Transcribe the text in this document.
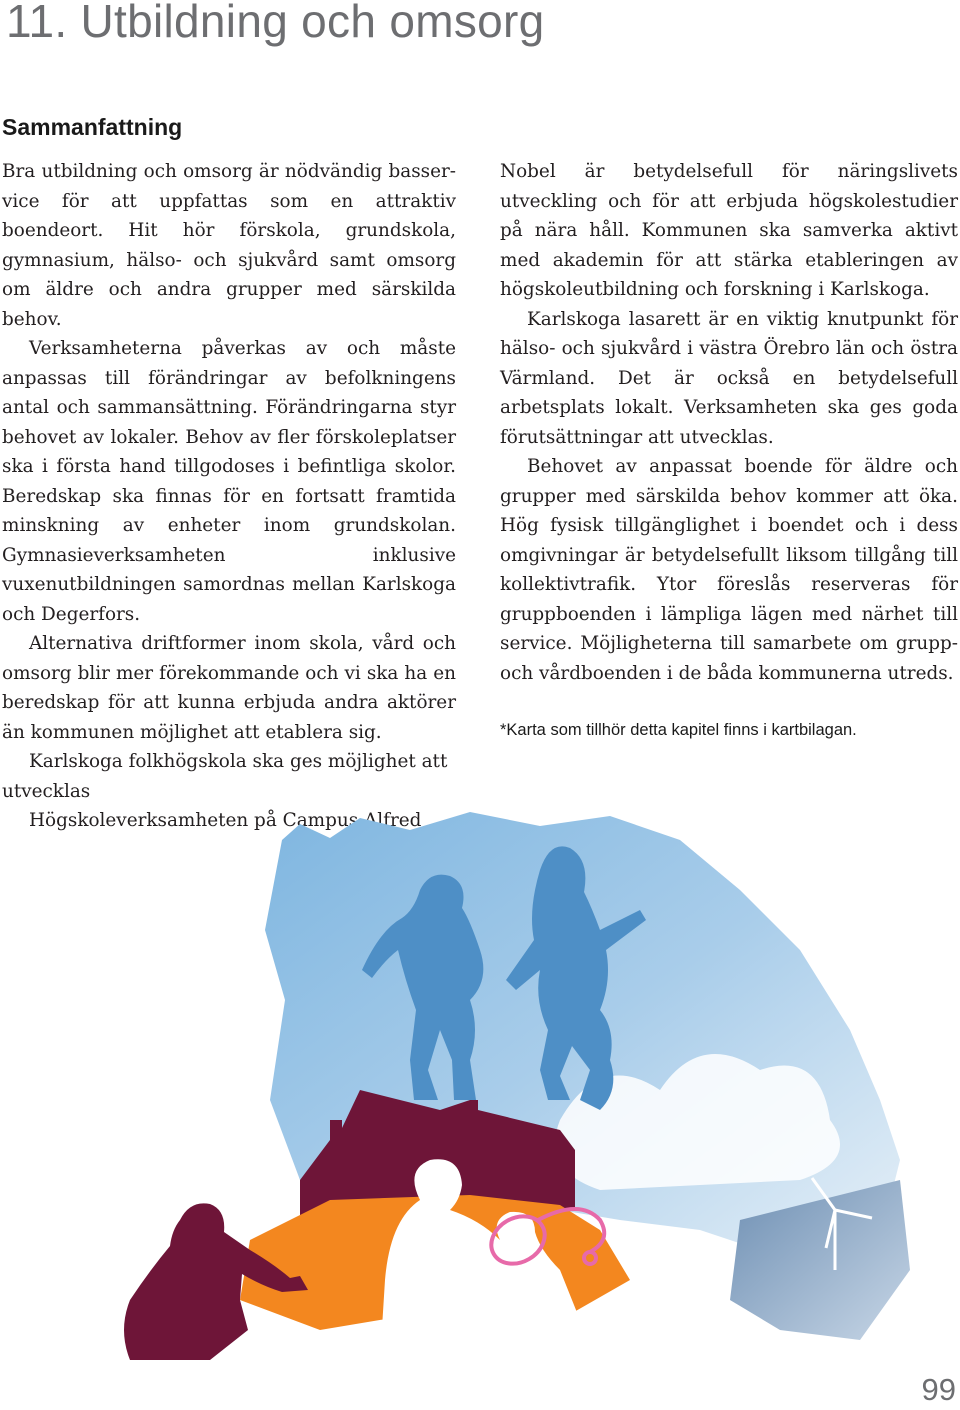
11. Utbildning och omsorg
Sammanfattning

Bra utbildning och omsorg är nödvändig basservice för att uppfattas som en attraktiv boendeort. Hit hör förskola, grundskola, gymnasium, hälso- och sjukvård samt omsorg om äldre och andra grupper med särskilda behov.

Verksamheterna påverkas av och måste anpassas till förändringar av befolkningens antal och sammansättning. Förändringarna styr behovet av lokaler. Behov av fler förskoleplatser ska i första hand tillgodoses i befintliga skolor. Beredskap ska finnas för en fortsatt framtida minskning av enheter inom grundskolan. Gymnasieverksamheten inklusive vuxenutbildningen samordnas mellan Karlskoga och Degerfors.

Alternativa driftformer inom skola, vård och omsorg blir mer förekommande och vi ska ha en beredskap för att kunna erbjuda andra aktörer än kommunen möjlighet att etablera sig.

Karlskoga folkhögskola ska ges möjlighet att utvecklas

Högskoleverksamheten på Campus Alfred

Nobel är betydelsefull för näringslivets utveckling och för att erbjuda högskolestudier på nära håll. Kommunen ska samverka aktivt med akademin för att stärka etableringen av högskoleutbildning och forskning i Karlskoga.

Karlskoga lasarett är en viktig knutpunkt för hälso- och sjukvård i västra Örebro län och östra Värmland. Det är också en betydelsefull arbetsplats lokalt. Verksamheten ska ges goda förutsättningar att utvecklas.

Behovet av anpassat boende för äldre och grupper med särskilda behov kommer att öka. Hög fysisk tillgänglighet i boendet och i dess omgivningar är betydelsefullt liksom tillgång till kollektivtrafik. Ytor föreslås reserveras för gruppboenden i lämpliga lägen med närhet till service. Möjligheterna till samarbete om grupp- och vårdboenden i de båda kommunerna utreds.

*Karta som tillhör detta kapitel finns i kartbilagan.
99
